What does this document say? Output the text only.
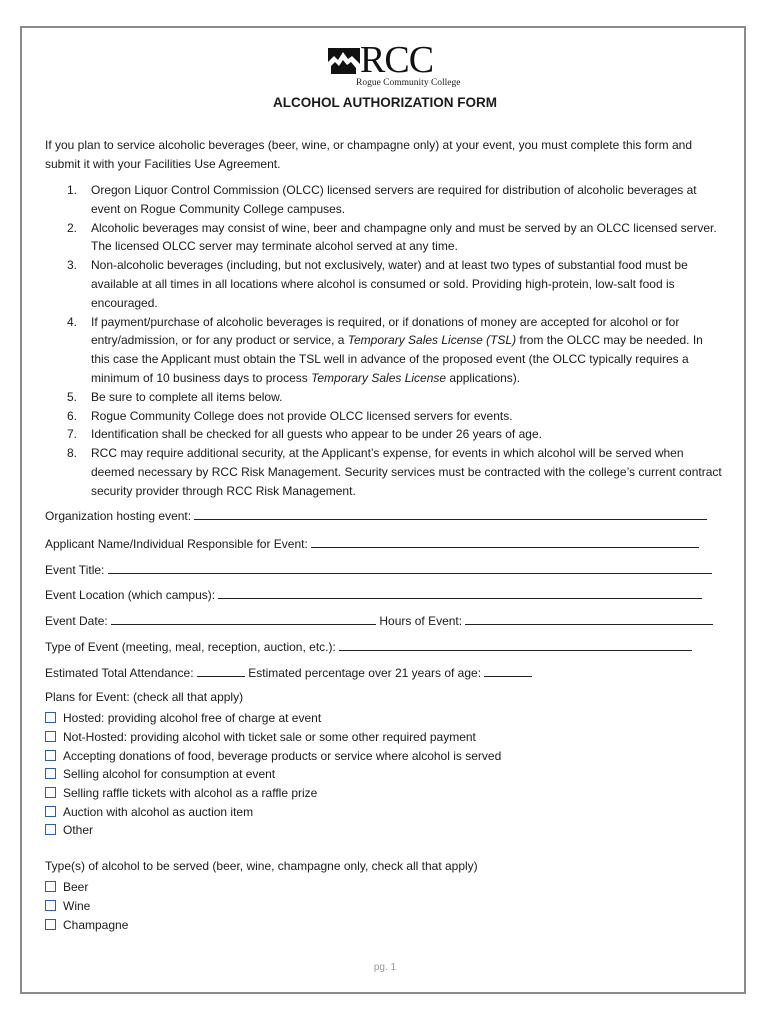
RCC
Rogue Community College
ALCOHOL AUTHORIZATION FORM
If you plan to service alcoholic beverages (beer, wine, or champagne only) at your event, you must complete this form and submit it with your Facilities Use Agreement.
1. Oregon Liquor Control Commission (OLCC) licensed servers are required for distribution of alcoholic beverages at event on Rogue Community College campuses.
2. Alcoholic beverages may consist of wine, beer and champagne only and must be served by an OLCC licensed server. The licensed OLCC server may terminate alcohol served at any time.
3. Non-alcoholic beverages (including, but not exclusively, water) and at least two types of substantial food must be available at all times in all locations where alcohol is consumed or sold. Providing high-protein, low-salt food is encouraged.
4. If payment/purchase of alcoholic beverages is required, or if donations of money are accepted for alcohol or for entry/admission, or for any product or service, a Temporary Sales License (TSL) from the OLCC may be needed. In this case the Applicant must obtain the TSL well in advance of the proposed event (the OLCC typically requires a minimum of 10 business days to process Temporary Sales License applications).
5. Be sure to complete all items below.
6. Rogue Community College does not provide OLCC licensed servers for events.
7. Identification shall be checked for all guests who appear to be under 26 years of age.
8. RCC may require additional security, at the Applicant’s expense, for events in which alcohol will be served when deemed necessary by RCC Risk Management. Security services must be contracted with the college’s current contract security provider through RCC Risk Management.
Organization hosting event:
Applicant Name/Individual Responsible for Event:
Event Title:
Event Location (which campus):
Event Date:	Hours of Event:
Type of Event (meeting, meal, reception, auction, etc.):
Estimated Total Attendance:	Estimated percentage over 21 years of age:
Plans for Event: (check all that apply)
Hosted: providing alcohol free of charge at event
Not-Hosted: providing alcohol with ticket sale or some other required payment
Accepting donations of food, beverage products or service where alcohol is served
Selling alcohol for consumption at event
Selling raffle tickets with alcohol as a raffle prize
Auction with alcohol as auction item
Other
Type(s) of alcohol to be served (beer, wine, champagne only, check all that apply)
Beer
Wine
Champagne
pg. 1
